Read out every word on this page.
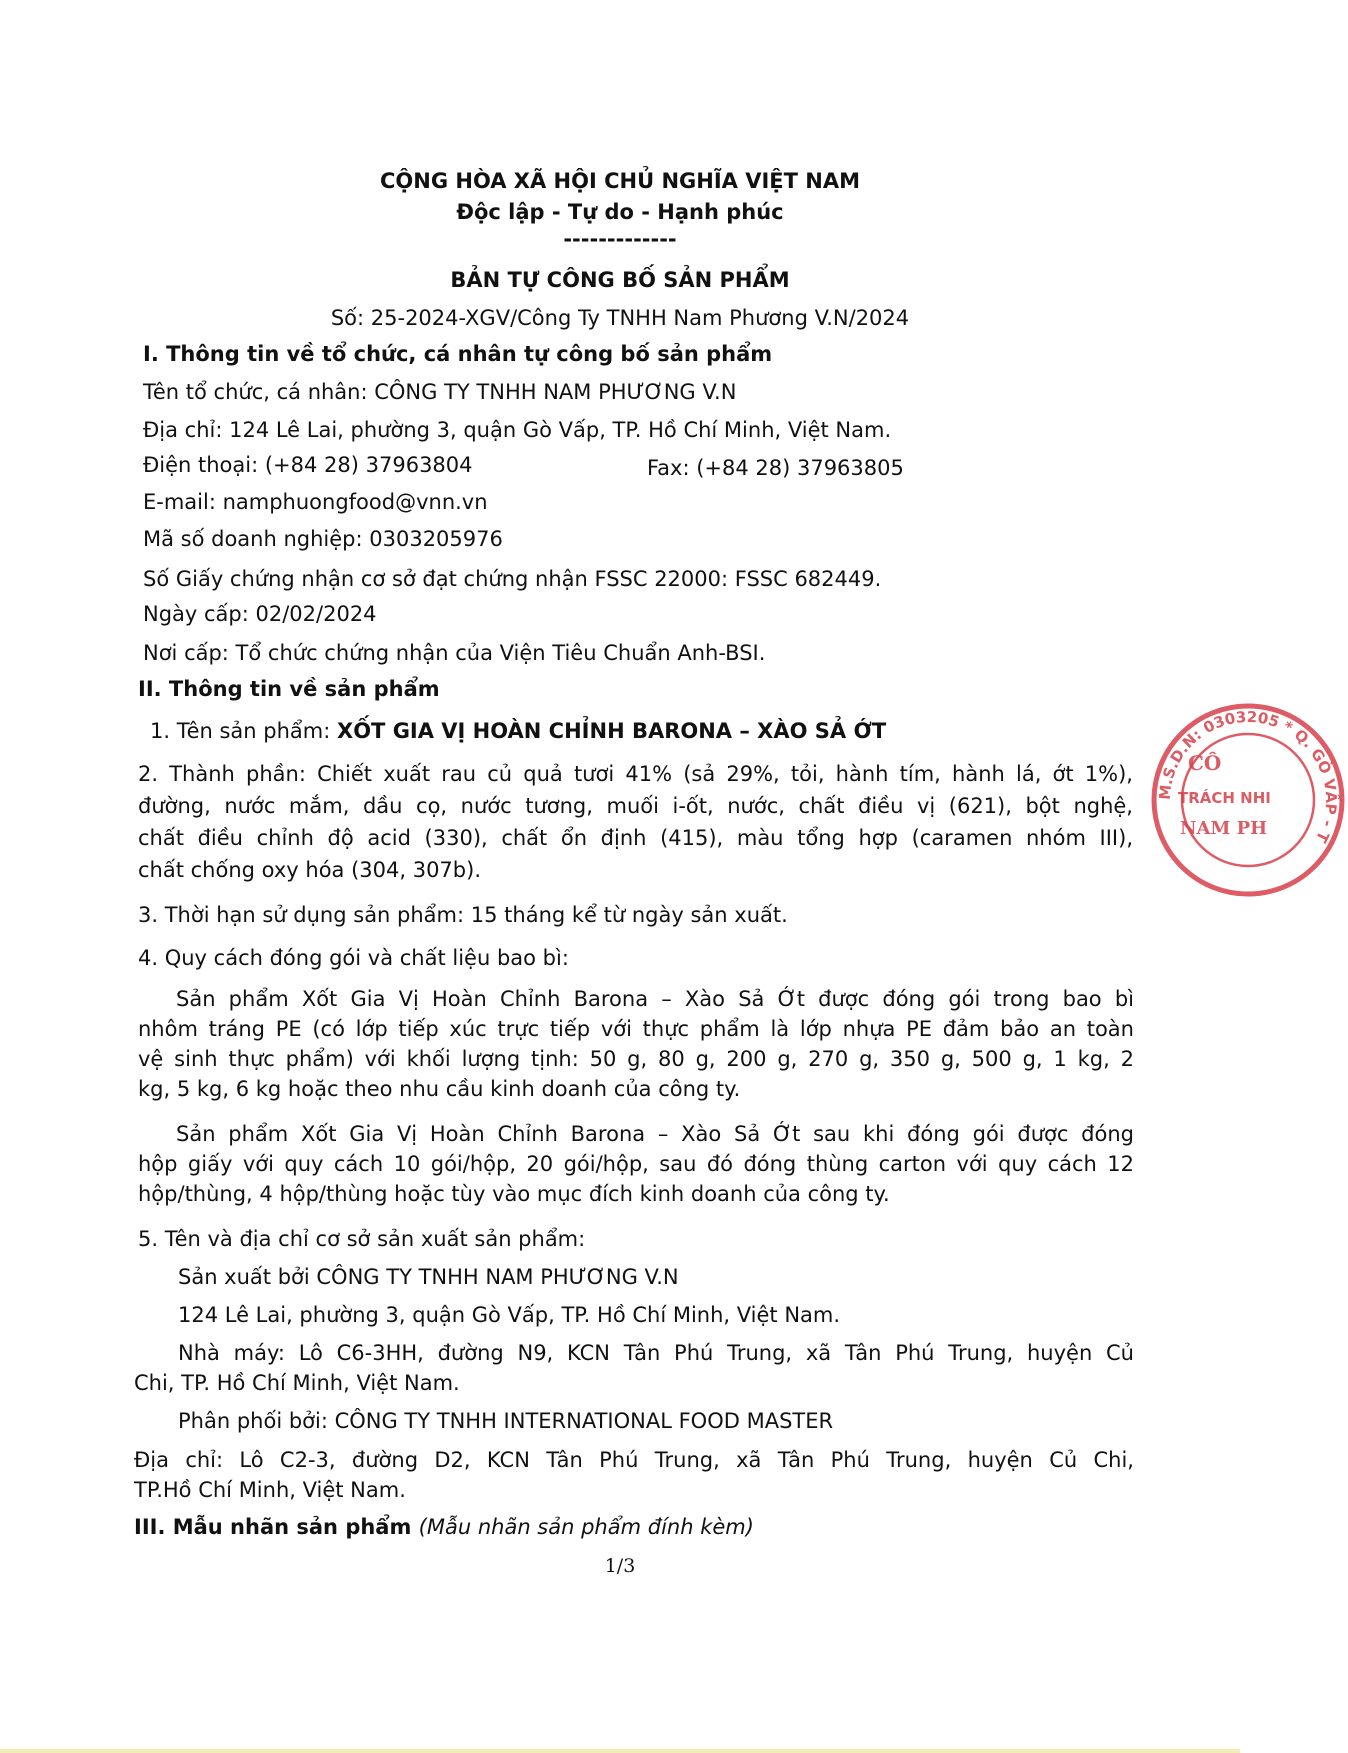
CỘNG HÒA XÃ HỘI CHỦ NGHĨA VIỆT NAM
Độc lập - Tự do - Hạnh phúc
-------------
BẢN TỰ CÔNG BỐ SẢN PHẨM
Số: 25-2024-XGV/Công Ty TNHH Nam Phương V.N/2024
I. Thông tin về tổ chức, cá nhân tự công bố sản phẩm
Tên tổ chức, cá nhân: CÔNG TY TNHH NAM PHƯƠNG V.N
Địa chỉ: 124 Lê Lai, phường 3, quận Gò Vấp, TP. Hồ Chí Minh, Việt Nam.
Điện thoại: (+84 28) 37963804	Fax: (+84 28) 37963805
E-mail: namphuongfood@vnn.vn
Mã số doanh nghiệp: 0303205976
Số Giấy chứng nhận cơ sở đạt chứng nhận FSSC 22000: FSSC 682449.
Ngày cấp: 02/02/2024
Nơi cấp: Tổ chức chứng nhận của Viện Tiêu Chuẩn Anh-BSI.
II. Thông tin về sản phẩm
1. Tên sản phẩm: XỐT GIA VỊ HOÀN CHỈNH BARONA – XÀO SẢ ỚT
2. Thành phần: Chiết xuất rau củ quả tươi 41% (sả 29%, tỏi, hành tím, hành lá, ớt 1%),
đường, nước mắm, dầu cọ, nước tương, muối i-ốt, nước, chất điều vị (621), bột nghệ,
chất điều chỉnh độ acid (330), chất ổn định (415), màu tổng hợp (caramen nhóm III),
chất chống oxy hóa (304, 307b).
3. Thời hạn sử dụng sản phẩm: 15 tháng kể từ ngày sản xuất.
4. Quy cách đóng gói và chất liệu bao bì:
Sản phẩm Xốt Gia Vị Hoàn Chỉnh Barona – Xào Sả Ớt được đóng gói trong bao bì
nhôm tráng PE (có lớp tiếp xúc trực tiếp với thực phẩm là lớp nhựa PE đảm bảo an toàn
vệ sinh thực phẩm) với khối lượng tịnh: 50 g, 80 g, 200 g, 270 g, 350 g, 500 g, 1 kg, 2
kg, 5 kg, 6 kg hoặc theo nhu cầu kinh doanh của công ty.
Sản phẩm Xốt Gia Vị Hoàn Chỉnh Barona – Xào Sả Ớt sau khi đóng gói được đóng
hộp giấy với quy cách 10 gói/hộp, 20 gói/hộp, sau đó đóng thùng carton với quy cách 12
hộp/thùng, 4 hộp/thùng hoặc tùy vào mục đích kinh doanh của công ty.
5. Tên và địa chỉ cơ sở sản xuất sản phẩm:
Sản xuất bởi CÔNG TY TNHH NAM PHƯƠNG V.N
124 Lê Lai, phường 3, quận Gò Vấp, TP. Hồ Chí Minh, Việt Nam.
Nhà máy: Lô C6-3HH, đường N9, KCN Tân Phú Trung, xã Tân Phú Trung, huyện Củ
Chi, TP. Hồ Chí Minh, Việt Nam.
Phân phối bởi: CÔNG TY TNHH INTERNATIONAL FOOD MASTER
Địa chỉ: Lô C2-3, đường D2, KCN Tân Phú Trung, xã Tân Phú Trung, huyện Củ Chi,
TP.Hồ Chí Minh, Việt Nam.
III. Mẫu nhãn sản phẩm (Mẫu nhãn sản phẩm đính kèm)
1/3
M.S.D.N: 0303205 * Q. GÒ VẤP - T
CÔ
TRÁCH NHI
NAM PH
